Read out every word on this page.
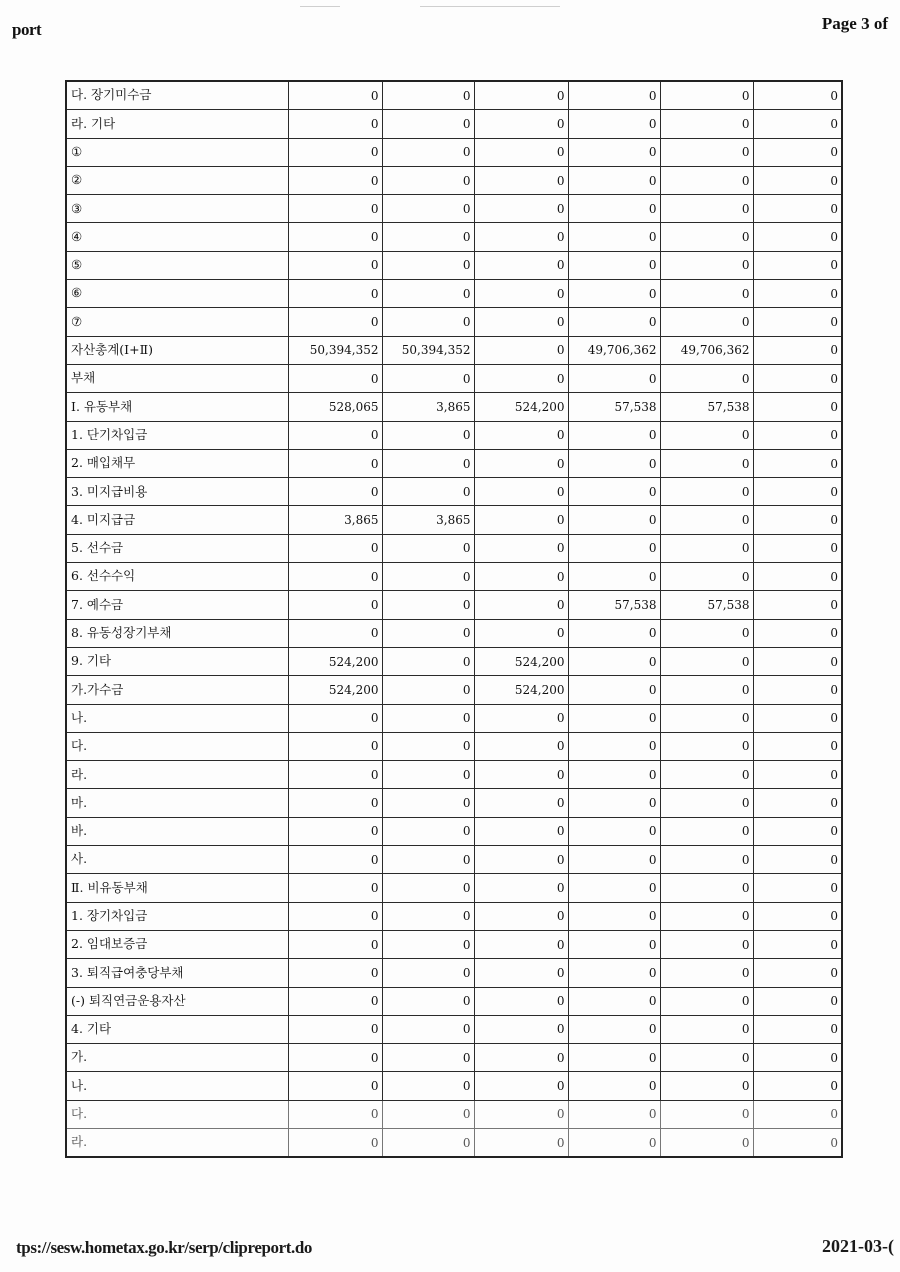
port	Page 3 of
다. 장기미수금	0	0	0	0	0	0
라. 기타	0	0	0	0	0	0
①	0	0	0	0	0	0
②	0	0	0	0	0	0
③	0	0	0	0	0	0
④	0	0	0	0	0	0
⑤	0	0	0	0	0	0
⑥	0	0	0	0	0	0
⑦	0	0	0	0	0	0
자산총계(Ⅰ+Ⅱ)	50,394,352	50,394,352	0	49,706,362	49,706,362	0
부채	0	0	0	0	0	0
Ⅰ. 유동부채	528,065	3,865	524,200	57,538	57,538	0
1. 단기차입금	0	0	0	0	0	0
2. 매입채무	0	0	0	0	0	0
3. 미지급비용	0	0	0	0	0	0
4. 미지급금	3,865	3,865	0	0	0	0
5. 선수금	0	0	0	0	0	0
6. 선수수익	0	0	0	0	0	0
7. 예수금	0	0	0	57,538	57,538	0
8. 유동성장기부채	0	0	0	0	0	0
9. 기타	524,200	0	524,200	0	0	0
가.가수금	524,200	0	524,200	0	0	0
나.	0	0	0	0	0	0
다.	0	0	0	0	0	0
라.	0	0	0	0	0	0
마.	0	0	0	0	0	0
바.	0	0	0	0	0	0
사.	0	0	0	0	0	0
Ⅱ. 비유동부채	0	0	0	0	0	0
1. 장기차입금	0	0	0	0	0	0
2. 임대보증금	0	0	0	0	0	0
3. 퇴직급여충당부채	0	0	0	0	0	0
(-) 퇴직연금운용자산	0	0	0	0	0	0
4. 기타	0	0	0	0	0	0
가.	0	0	0	0	0	0
나.	0	0	0	0	0	0
다.	0	0	0	0	0	0
라.	0	0	0	0	0	0
tps://sesw.hometax.go.kr/serp/clipreport.do	2021-03-(
